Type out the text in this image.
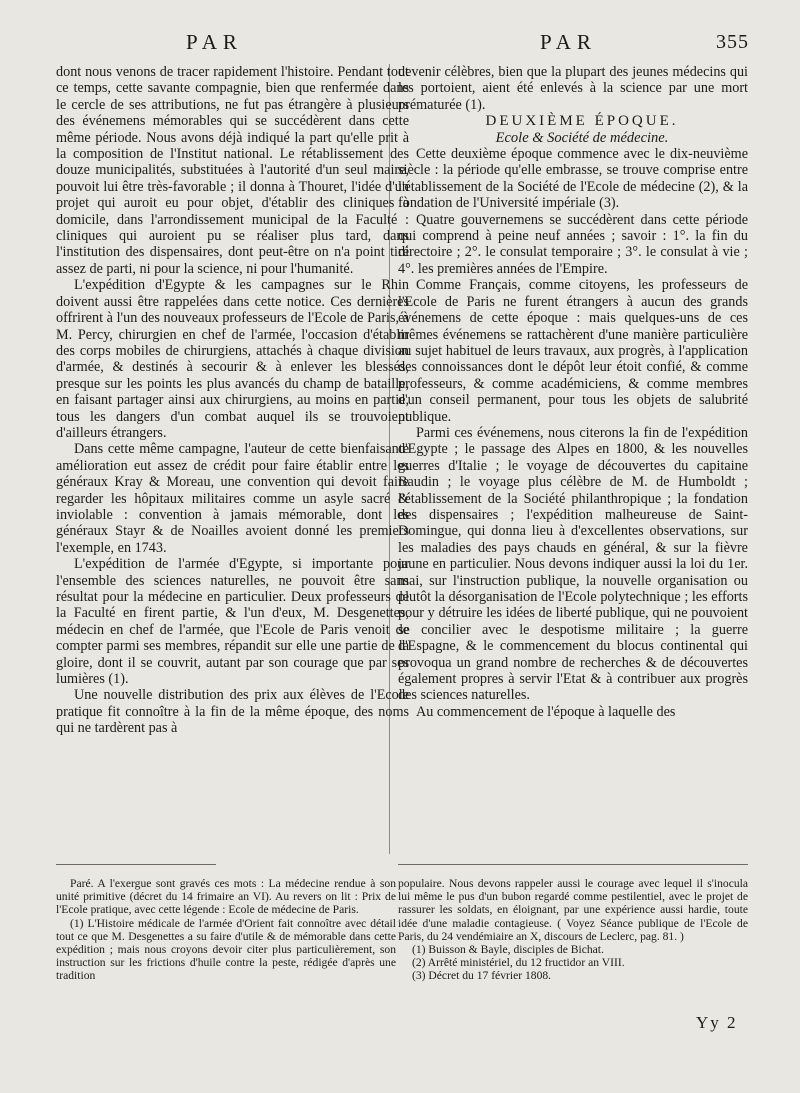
PAR	PAR	355

dont nous venons de tracer rapidement l'histoire. Pendant tout ce temps, cette savante compagnie, bien que renfermée dans le cercle de ses attributions, ne fut pas étrangère à plusieurs des événemens mémorables qui se succédèrent dans cette même période. Nous avons déjà indiqué la part qu'elle prit à la composition de l'Institut national. Le rétablissement des douze municipalités, substituées à l'autorité d'un seul maire, pouvoit lui être très-favorable ; il donna à Thouret, l'idée d'un projet qui auroit eu pour objet, d'établir des cliniques à domicile, dans l'arrondissement municipal de la Faculté : cliniques qui auroient pu se réaliser plus tard, dans l'institution des dispensaires, dont peut-être on n'a point tiré assez de parti, ni pour la science, ni pour l'humanité.

L'expédition d'Egypte & les campagnes sur le Rhin doivent aussi être rappelées dans cette notice. Ces dernières offrirent à l'un des nouveaux professeurs de l'Ecole de Paris, à M. Percy, chirurgien en chef de l'armée, l'occasion d'établir des corps mobiles de chirurgiens, attachés à chaque division d'armée, & destinés à secourir & à enlever les blessés, presque sur les points les plus avancés du champ de bataille, en faisant partager ainsi aux chirurgiens, au moins en partie, tous les dangers d'un combat auquel ils se trouvoient d'ailleurs étrangers.

Dans cette même campagne, l'auteur de cette bienfaisante amélioration eut assez de crédit pour faire établir entre les généraux Kray & Moreau, une convention qui devoit faire regarder les hôpitaux militaires comme un asyle sacré & inviolable : convention à jamais mémorable, dont les généraux Stayr & de Noailles avoient donné les premiers l'exemple, en 1743.

L'expédition de l'armée d'Egypte, si importante pour l'ensemble des sciences naturelles, ne pouvoit être sans résultat pour la médecine en particulier. Deux professeurs de la Faculté en firent partie, & l'un d'eux, M. Desgenettes, médecin en chef de l'armée, que l'Ecole de Paris venoit de compter parmi ses membres, répandit sur elle une partie de la gloire, dont il se couvrit, autant par son courage que par ses lumières (1).

Une nouvelle distribution des prix aux élèves de l'Ecole pratique fit connoître à la fin de la même époque, des noms qui ne tardèrent pas à

devenir célèbres, bien que la plupart des jeunes médecins qui les portoient, aient été enlevés à la science par une mort prématurée (1).

DEUXIÈME ÉPOQUE.

Ecole & Société de médecine.

Cette deuxième époque commence avec le dix-neuvième siècle : la période qu'elle embrasse, se trouve comprise entre l'établissement de la Société de l'Ecole de médecine (2), & la fondation de l'Université impériale (3).

Quatre gouvernemens se succédèrent dans cette période qui comprend à peine neuf années ; savoir : 1°. la fin du directoire ; 2°. le consulat temporaire ; 3°. le consulat à vie ; 4°. les premières années de l'Empire.

Comme Français, comme citoyens, les professeurs de l'Ecole de Paris ne furent étrangers à aucun des grands événemens de cette époque : mais quelques-uns de ces mêmes événemens se rattachèrent d'une manière particulière au sujet habituel de leurs travaux, aux progrès, à l'application des connoissances dont le dépôt leur étoit confié, & comme professeurs, & comme académiciens, & comme membres d'un conseil permanent, pour tous les objets de salubrité publique.

Parmi ces événemens, nous citerons la fin de l'expédition d'Egypte ; le passage des Alpes en 1800, & les nouvelles guerres d'Italie ; le voyage de découvertes du capitaine Baudin ; le voyage plus célèbre de M. de Humboldt ; l'établissement de la Société philanthropique ; la fondation des dispensaires ; l'expédition malheureuse de Saint-Domingue, qui donna lieu à d'excellentes observations, sur les maladies des pays chauds en général, & sur la fièvre jaune en particulier. Nous devons indiquer aussi la loi du 1er. mai, sur l'instruction publique, la nouvelle organisation ou plutôt la désorganisation de l'Ecole polytechnique ; les efforts pour y détruire les idées de liberté publique, qui ne pouvoient se concilier avec le despotisme militaire ; la guerre d'Espagne, & le commencement du blocus continental qui provoqua un grand nombre de recherches & de découvertes également propres à servir l'Etat & à contribuer aux progrès des sciences naturelles.

Au commencement de l'époque à laquelle des

Paré. A l'exergue sont gravés ces mots : La médecine rendue à son unité primitive (décret du 14 frimaire an VI). Au revers on lit : Prix de l'Ecole pratique, avec cette légende : Ecole de médecine de Paris.

(1) L'Histoire médicale de l'armée d'Orient fait connoître avec détail tout ce que M. Desgenettes a su faire d'utile & de mémorable dans cette expédition ; mais nous croyons devoir citer plus particulièrement, son instruction sur les frictions d'huile contre la peste, rédigée d'après une tradition

populaire. Nous devons rappeler aussi le courage avec lequel il s'inocula lui même le pus d'un bubon regardé comme pestilentiel, avec le projet de rassurer les soldats, en éloignant, par une expérience aussi hardie, toute idée d'une maladie contagieuse. ( Voyez Séance publique de l'Ecole de Paris, du 24 vendémiaire an X, discours de Leclerc, pag. 81. )

(1) Buisson & Bayle, disciples de Bichat.

(2) Arrêté ministériel, du 12 fructidor an VIII.

(3) Décret du 17 février 1808.

Yy 2
